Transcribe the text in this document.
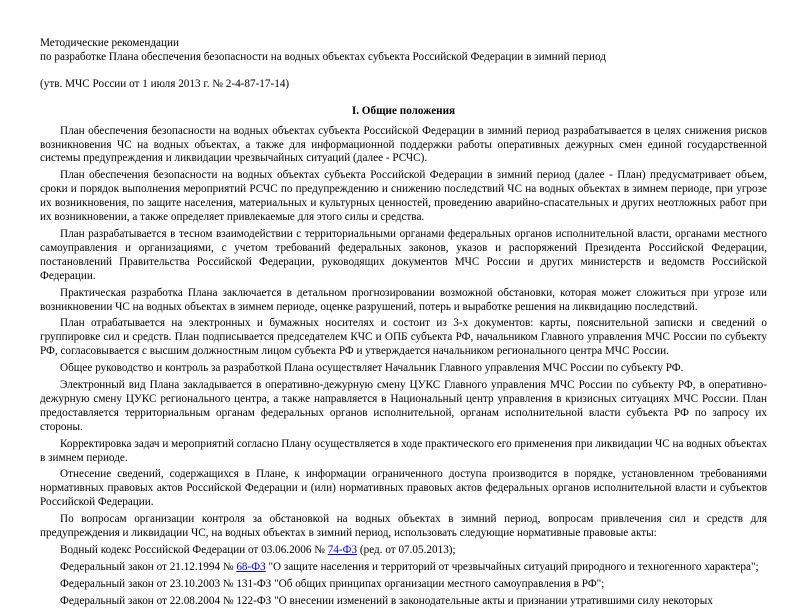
Методические рекомендации
по разработке Плана обеспечения безопасности на водных объектах субъекта Российской Федерации в зимний период
(утв. МЧС России от 1 июля 2013 г. № 2-4-87-17-14)
I. Общие положения

План обеспечения безопасности на водных объектах субъекта Российской Федерации в зимний период разрабатывается в целях снижения рисков возникновения ЧС на водных объектах, а также для информационной поддержки работы оперативных дежурных смен единой государственной системы предупреждения и ликвидации чрезвычайных ситуаций (далее - РСЧС).

План обеспечения безопасности на водных объектах субъекта Российской Федерации в зимний период (далее - План) предусматривает объем, сроки и порядок выполнения мероприятий РСЧС по предупреждению и снижению последствий ЧС на водных объектах в зимнем периоде, при угрозе их возникновения, по защите населения, материальных и культурных ценностей, проведению аварийно-спасательных и других неотложных работ при их возникновении, а также определяет привлекаемые для этого силы и средства.

План разрабатывается в тесном взаимодействии с территориальными органами федеральных органов исполнительной власти, органами местного самоуправления и организациями, с учетом требований федеральных законов, указов и распоряжений Президента Российской Федерации, постановлений Правительства Российской Федерации, руководящих документов МЧС России и других министерств и ведомств Российской Федерации.

Практическая разработка Плана заключается в детальном прогнозировании возможной обстановки, которая может сложиться при угрозе или возникновении ЧС на водных объектах в зимнем периоде, оценке разрушений, потерь и выработке решения на ликвидацию последствий.

План отрабатывается на электронных и бумажных носителях и состоит из 3-х документов: карты, пояснительной записки и сведений о группировке сил и средств. План подписывается председателем КЧС и ОПБ субъекта РФ, начальником Главного управления МЧС России по субъекту РФ, согласовывается с высшим должностным лицом субъекта РФ и утверждается начальником регионального центра МЧС России.

Общее руководство и контроль за разработкой Плана осуществляет Начальник Главного управления МЧС России по субъекту РФ.

Электронный вид Плана закладывается в оперативно-дежурную смену ЦУКС Главного управления МЧС России по субъекту РФ, в оперативно-дежурную смену ЦУКС регионального центра, а также направляется в Национальный центр управления в кризисных ситуациях МЧС России. План предоставляется территориальным органам федеральных органов исполнительной, органам исполнительной власти субъекта РФ по запросу их стороны.

Корректировка задач и мероприятий согласно Плану осуществляется в ходе практического его применения при ликвидации ЧС на водных объектах в зимнем периоде.

Отнесение сведений, содержащихся в Плане, к информации ограниченного доступа производится в порядке, установленном требованиями нормативных правовых актов Российской Федерации и (или) нормативных правовых актов федеральных органов исполнительной власти и субъектов Российской Федерации.

По вопросам организации контроля за обстановкой на водных объектах в зимний период, вопросам привлечения сил и средств для предупреждения и ликвидации ЧС, на водных объектах в зимний период, использовать следующие нормативные правовые акты:

Водный кодекс Российской Федерации от 03.06.2006 № 74-ФЗ (ред. от 07.05.2013);

Федеральный закон от 21.12.1994 № 68-ФЗ "О защите населения и территорий от чрезвычайных ситуаций природного и техногенного характера";

Федеральный закон от 23.10.2003 № 131-ФЗ "Об общих принципах организации местного самоуправления в РФ";

Федеральный закон от 22.08.2004 № 122-ФЗ "О внесении изменений в законодательные акты и признании утратившими силу некоторых
